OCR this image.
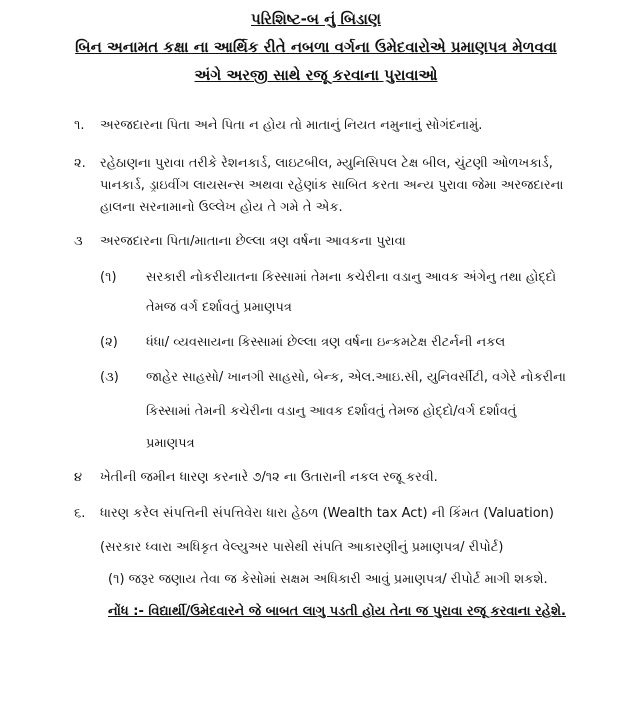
પરિશિષ્ટ-બ નું બિડાણ
બિન અનામત કક્ષા ના આર્થિક રીતે નબળા વર્ગના ઉમેદવારોએ પ્રમાણપત્ર મેળવવા
અંગે અરજી સાથે રજૂ કરવાના પુરાવાઓ
૧. અરજદારના પિતા અને પિતા ન હોય તો માતાનું નિયત નમુનાનું સોગંદનામું.
૨. રહેઠાણના પુરાવા તરીકે રેશનકાર્ડ, લાઇટબીલ, મ્યુનિસિપલ ટેક્ષ બીલ, ચુંટણી ઓળખકાર્ડ,
પાનકાર્ડ, ડ્રાઇવીંગ લાયસન્સ અથવા રહેણાંક સાબિત કરતા અન્ય પુરાવા જેમા અરજદારના
હાલના સરનામાનો ઉલ્લેખ હોય તે ગમે તે એક.
૩ અરજદારના પિતા/માતાના છેલ્લા ત્રણ વર્ષના આવકના પુરાવા
(૧) સરકારી નોકરીયાતના કિસ્સામાં તેમના કચેરીના વડાનુ આવક અંગેનુ તથા હોદ્દો
તેમજ વર્ગ દર્શાવતું પ્રમાણપત્ર
(૨) ધંધા/ વ્યવસાયના કિસ્સામાં છેલ્લા ત્રણ વર્ષના ઇન્કમટેક્ષ રીટર્નની નકલ
(૩) જાહેર સાહસો/ ખાનગી સાહસો, બેન્ક, એલ.આઇ.સી, યુનિવર્સીટી, વગેરે નોકરીના
કિસ્સામાં તેમની કચેરીના વડાનુ આવક દર્શાવતું તેમજ હોદ્દો/વર્ગ દર્શાવતું
પ્રમાણપત્ર
૪ ખેતીની જમીન ધારણ કરનારે ૭/૧૨ ના ઉતારાની નકલ રજૂ કરવી.
૬. ધારણ કરેલ સંપત્તિની સંપત્તિવેરા ધારા હેઠળ (Wealth tax Act) ની કિંમત (Valuation)
(સરકાર ધ્વારા અધિકૃત વેલ્યુઅર પાસેથી સંપતિ આકારણીનું પ્રમાણપત્ર/ રીપોર્ટ)
(૧) જરૂર જણાય તેવા જ કેસોમાં સક્ષમ અધિકારી આવું પ્રમાણપત્ર/ રીપોર્ટ માગી શકશે.
નોંધ :- વિદ્યાર્થી/ઉમેદવારને જે બાબત લાગુ પડતી હોય તેના જ પુરાવા રજૂ કરવાના રહેશે.
